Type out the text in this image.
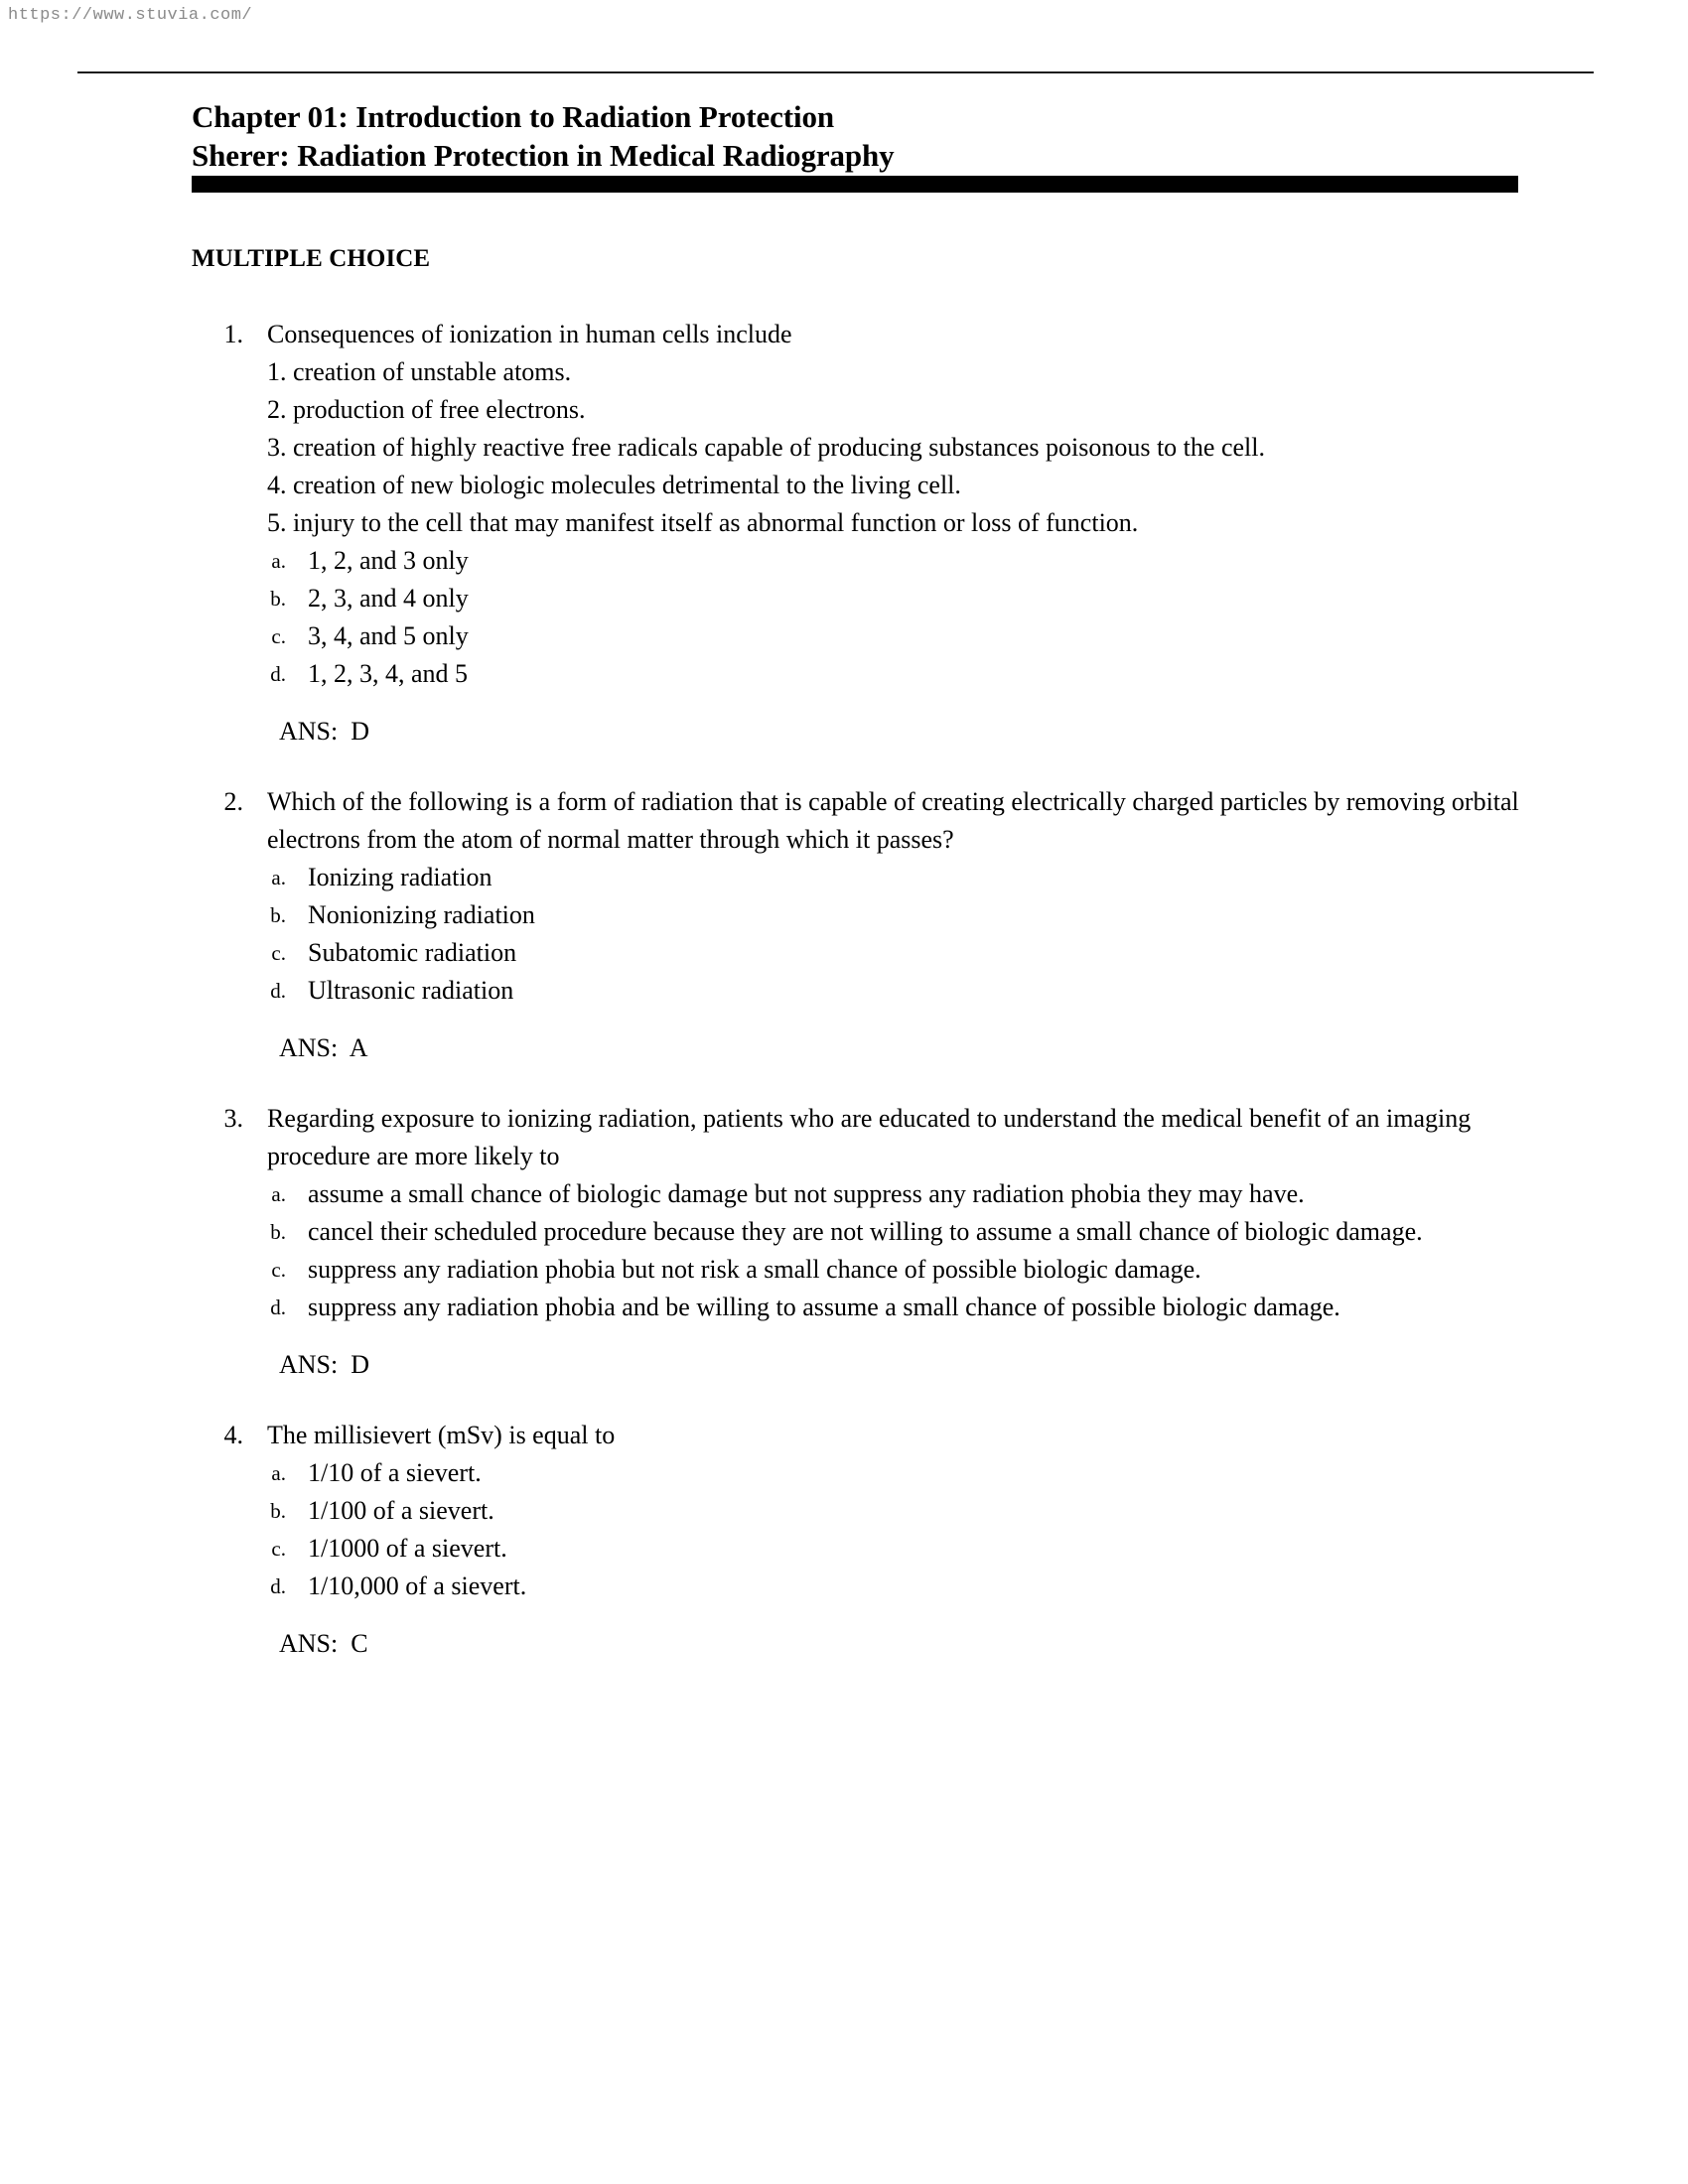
https://www.stuvia.com/
Chapter 01: Introduction to Radiation Protection
Sherer: Radiation Protection in Medical Radiography
MULTIPLE CHOICE
1. Consequences of ionization in human cells include
1. creation of unstable atoms.
2. production of free electrons.
3. creation of highly reactive free radicals capable of producing substances poisonous to the cell.
4. creation of new biologic molecules detrimental to the living cell.
5. injury to the cell that may manifest itself as abnormal function or loss of function.
a. 1, 2, and 3 only
b. 2, 3, and 4 only
c. 3, 4, and 5 only
d. 1, 2, 3, 4, and 5
ANS:  D
2. Which of the following is a form of radiation that is capable of creating electrically charged particles by removing orbital electrons from the atom of normal matter through which it passes?
a. Ionizing radiation
b. Nonionizing radiation
c. Subatomic radiation
d. Ultrasonic radiation
ANS:  A
3. Regarding exposure to ionizing radiation, patients who are educated to understand the medical benefit of an imaging procedure are more likely to
a. assume a small chance of biologic damage but not suppress any radiation phobia they may have.
b. cancel their scheduled procedure because they are not willing to assume a small chance of biologic damage.
c. suppress any radiation phobia but not risk a small chance of possible biologic damage.
d. suppress any radiation phobia and be willing to assume a small chance of possible biologic damage.
ANS:  D
4. The millisievert (mSv) is equal to
a. 1/10 of a sievert.
b. 1/100 of a sievert.
c. 1/1000 of a sievert.
d. 1/10,000 of a sievert.
ANS:  C
